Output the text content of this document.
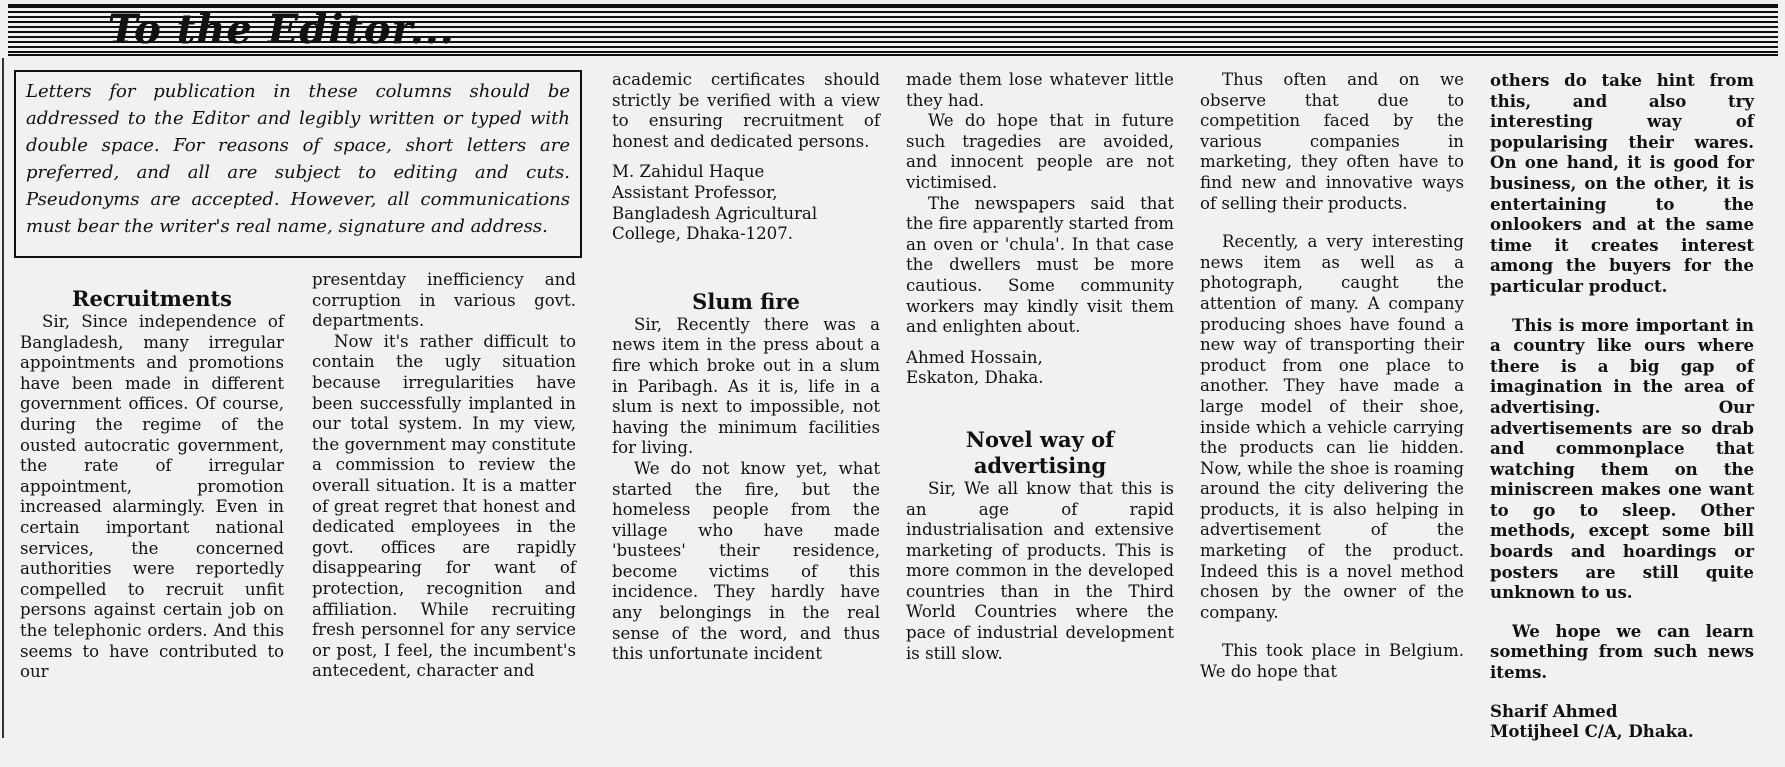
To the Editor...
Letters for publication in these columns should be addressed to the Editor and legibly written or typed with double space. For reasons of space, short letters are preferred, and all are subject to editing and cuts. Pseudonyms are accepted. However, all communications must bear the writer's real name, signature and address.

Recruitments

Sir, Since independence of Bangladesh, many irregular appointments and promotions have been made in different government offices. Of course, during the regime of the ousted autocratic government, the rate of irregular appointment, promotion increased alarmingly. Even in certain important national services, the concerned authorities were reportedly compelled to recruit unfit persons against certain job on the telephonic orders. And this seems to have contributed to our

presentday inefficiency and corruption in various govt. departments.

Now it's rather difficult to contain the ugly situation because irregularities have been successfully implanted in our total system. In my view, the government may constitute a commission to review the overall situation. It is a matter of great regret that honest and dedicated employees in the govt. offices are rapidly disappearing for want of protection, recognition and affiliation. While recruiting fresh personnel for any service or post, I feel, the incumbent's antecedent, character and

academic certificates should strictly be verified with a view to ensuring recruitment of honest and dedicated persons.

M. Zahidul Haque

Assistant Professor,

Bangladesh Agricultural

College, Dhaka-1207.

Slum fire

Sir, Recently there was a news item in the press about a fire which broke out in a slum in Paribagh. As it is, life in a slum is next to impossible, not having the minimum facilities for living.

We do not know yet, what started the fire, but the homeless people from the village who have made 'bustees' their residence, become victims of this incidence. They hardly have any belongings in the real sense of the word, and thus this unfortunate incident

made them lose whatever little they had.

We do hope that in future such tragedies are avoided, and innocent people are not victimised.

The newspapers said that the fire apparently started from an oven or 'chula'. In that case the dwellers must be more cautious. Some community workers may kindly visit them and enlighten about.

Ahmed Hossain,

Eskaton, Dhaka.

Novel way of advertising

Sir, We all know that this is an age of rapid industrialisation and extensive marketing of products. This is more common in the developed countries than in the Third World Countries where the pace of industrial development is still slow.

Thus often and on we observe that due to competition faced by the various companies in marketing, they often have to find new and innovative ways of selling their products.

Recently, a very interesting news item as well as a photograph, caught the attention of many. A company producing shoes have found a new way of transporting their product from one place to another. They have made a large model of their shoe, inside which a vehicle carrying the products can lie hidden. Now, while the shoe is roaming around the city delivering the products, it is also helping in advertisement of the marketing of the product. Indeed this is a novel method chosen by the owner of the company.

This took place in Belgium. We do hope that

others do take hint from this, and also try interesting way of popularising their wares. On one hand, it is good for business, on the other, it is entertaining to the onlookers and at the same time it creates interest among the buyers for the particular product.

This is more important in a country like ours where there is a big gap of imagination in the area of advertising. Our advertisements are so drab and commonplace that watching them on the miniscreen makes one want to go to sleep. Other methods, except some bill boards and hoardings or posters are still quite unknown to us.

We hope we can learn something from such news items.

Sharif Ahmed

Motijheel C/A, Dhaka.
